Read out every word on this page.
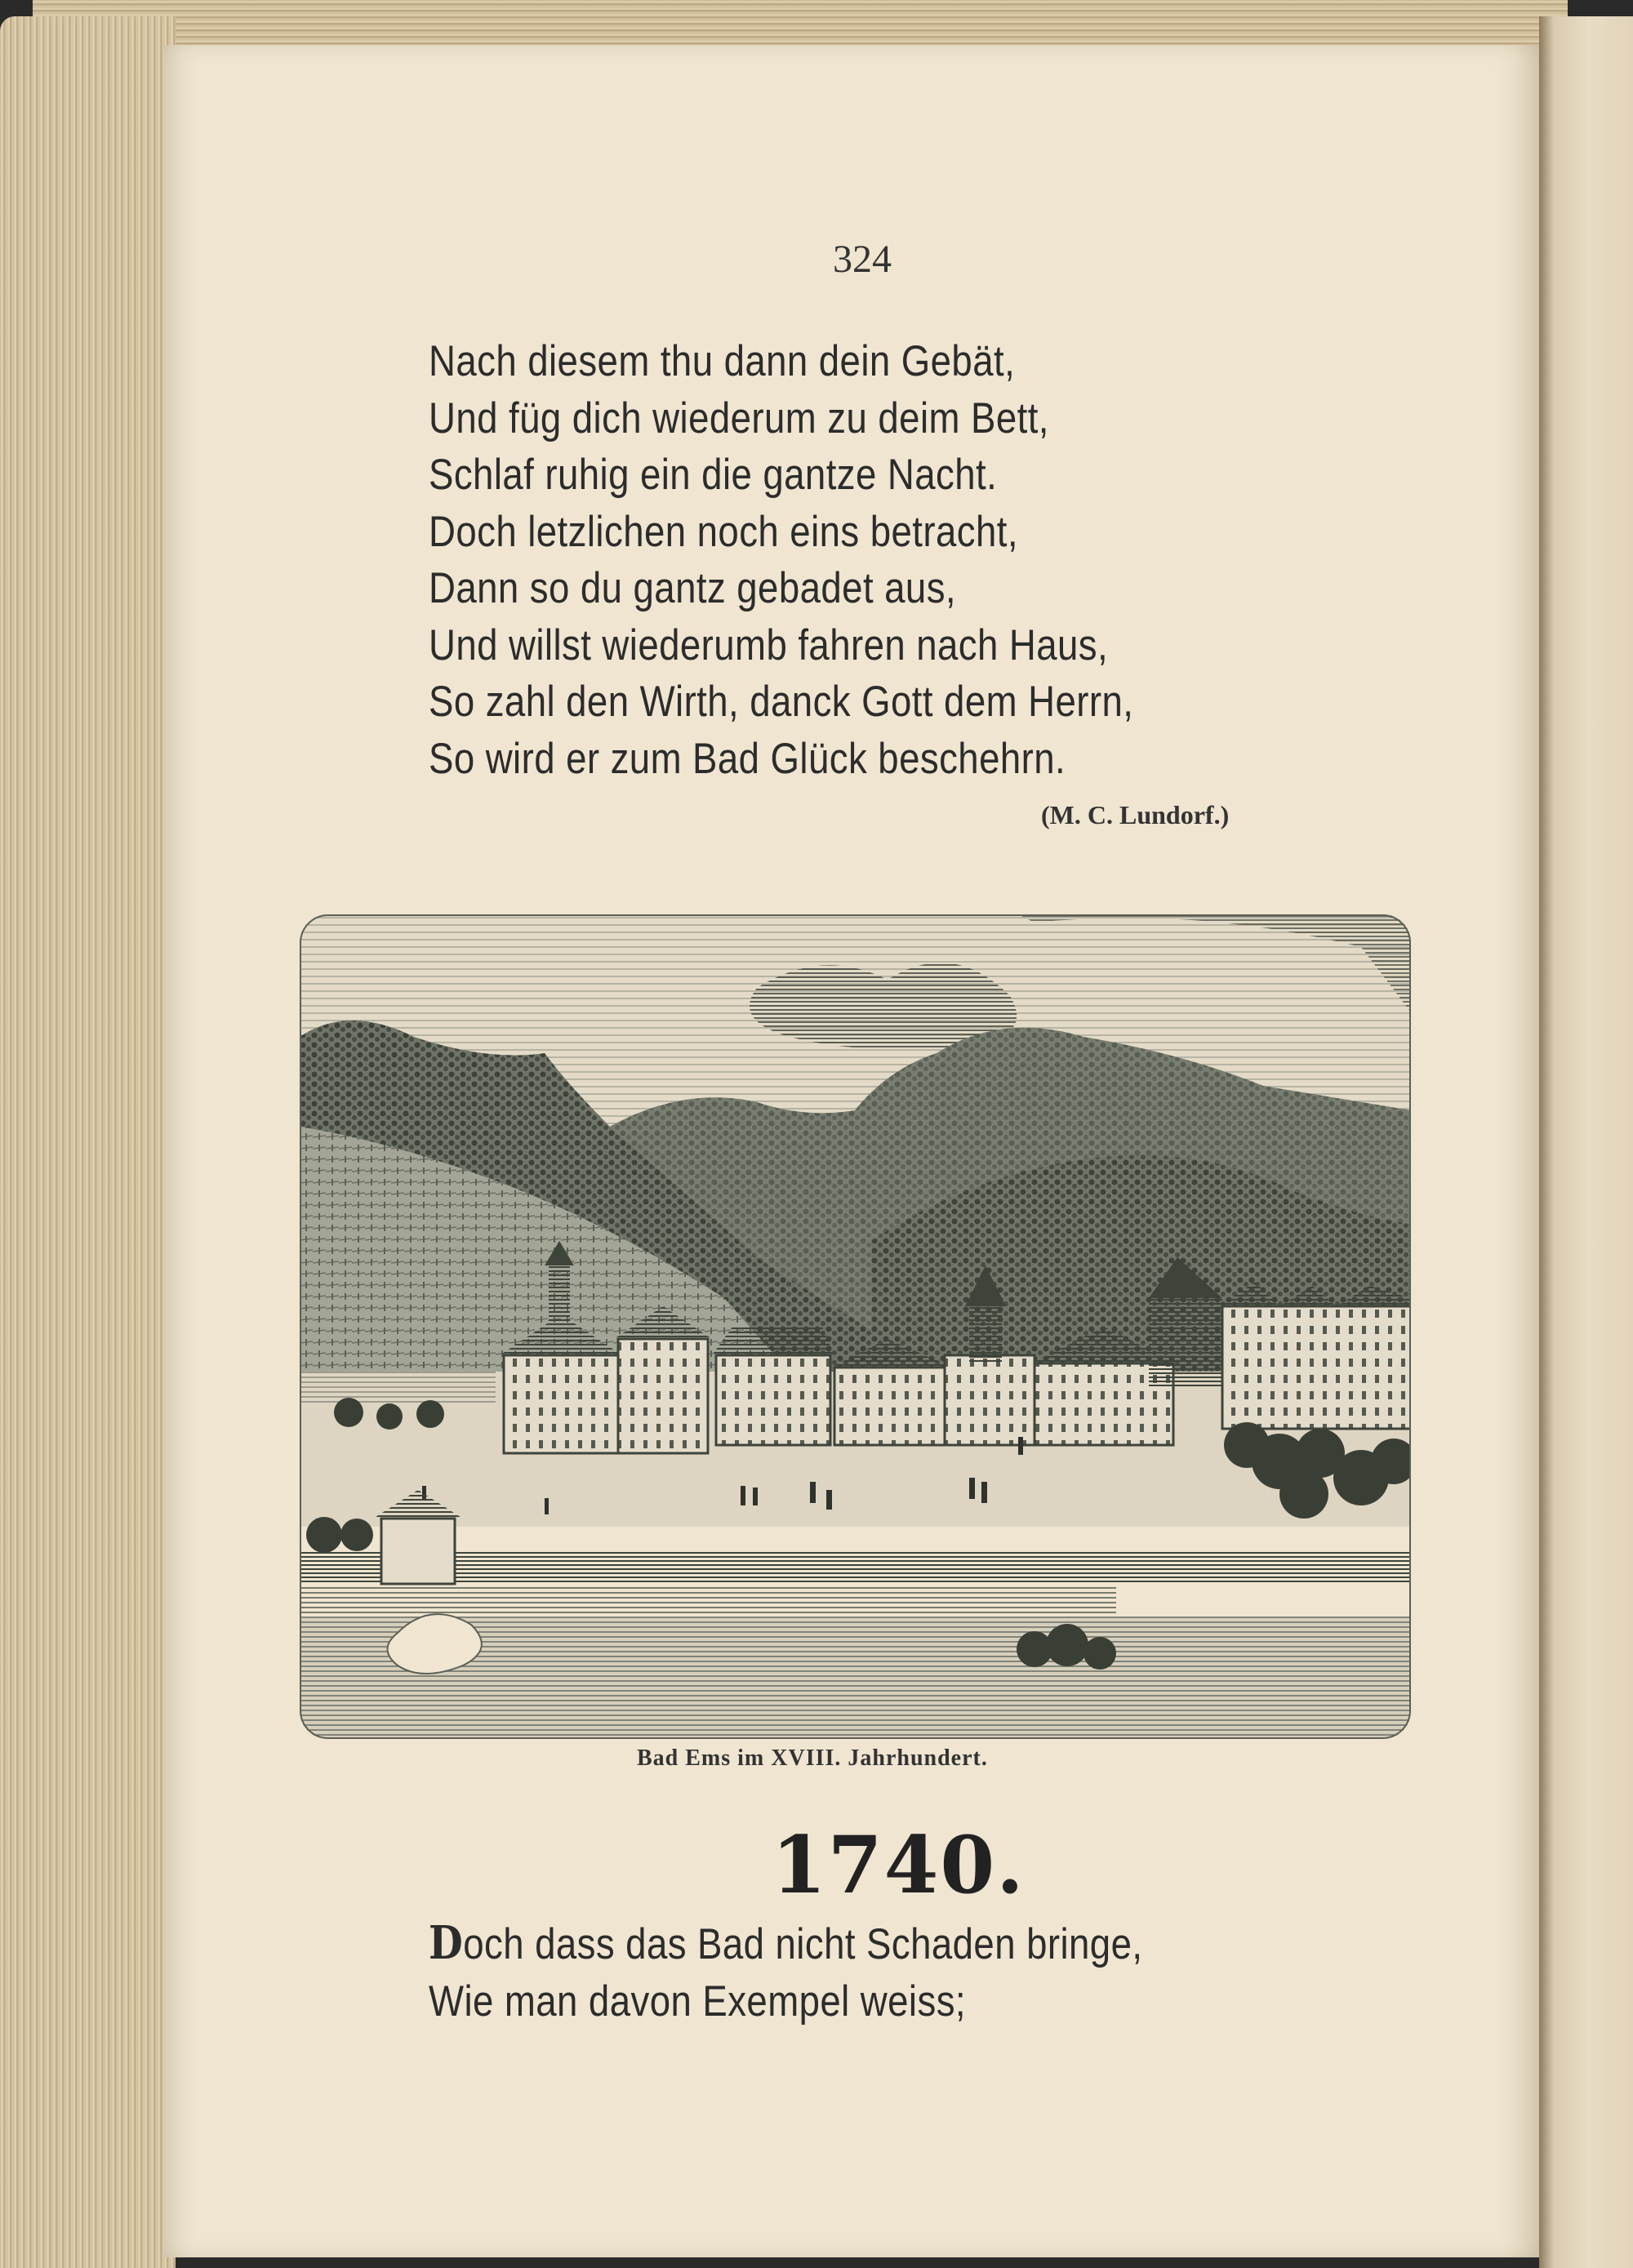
324
Nach diesem thu dann dein Gebät,
Und füg dich wiederum zu deim Bett,
Schlaf ruhig ein die gantze Nacht.
Doch letzlichen noch eins betracht,
Dann so du gantz gebadet aus,
Und willst wiederumb fahren nach Haus,
So zahl den Wirth, danck Gott dem Herrn,
So wird er zum Bad Glück beschehrn.
(M. C. Lundorf.)
Bad Ems im XVIII. Jahrhundert.
1740.
Doch dass das Bad nicht Schaden bringe,
Wie man davon Exempel weiss;
